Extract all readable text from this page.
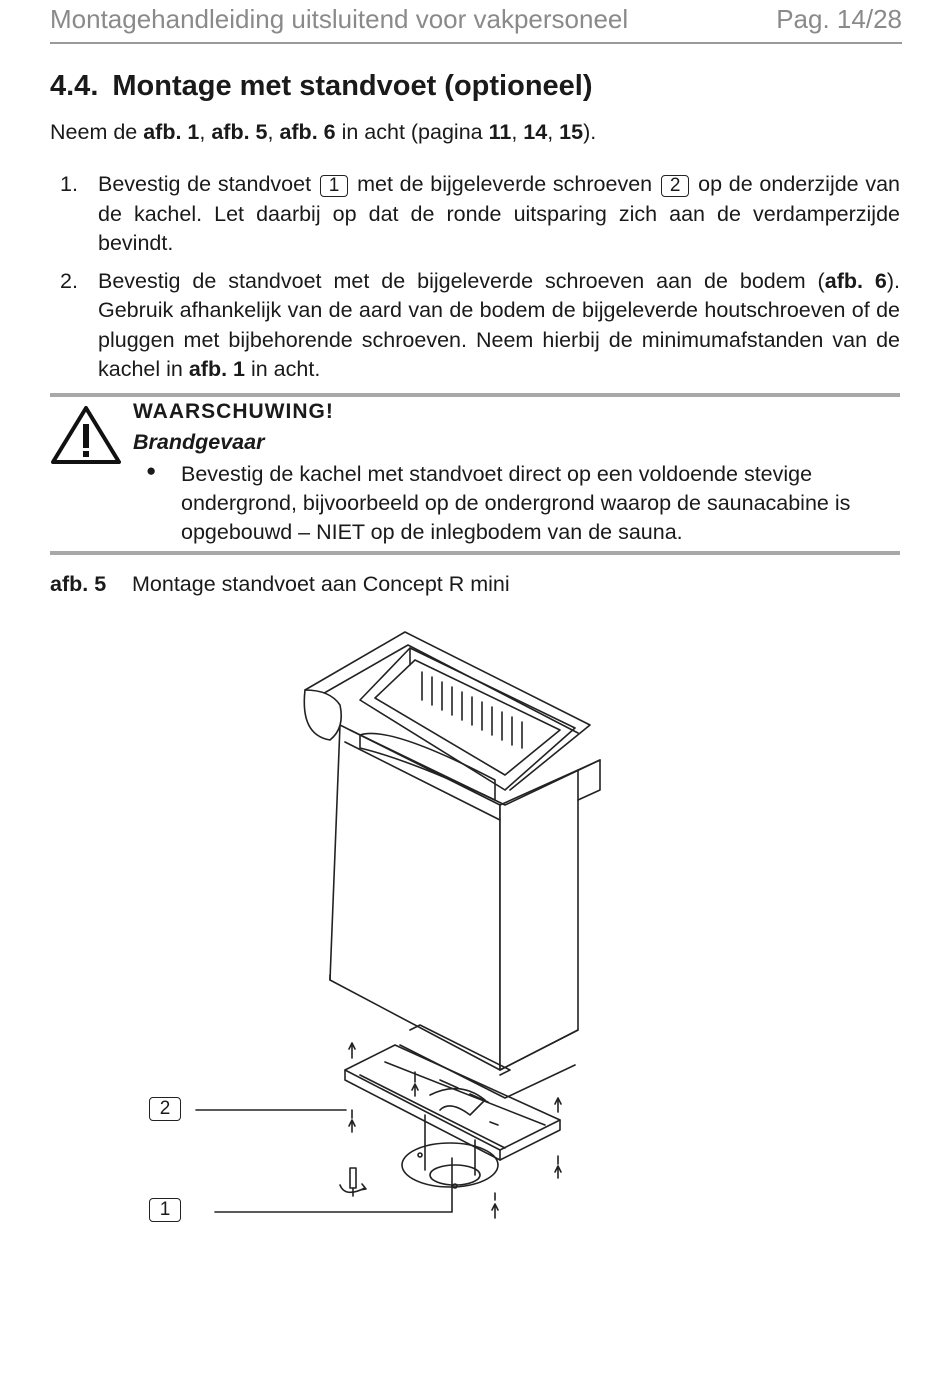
Montagehandleiding uitsluitend voor vakpersoneel	Pag. 14/28
4.4. Montage met standvoet (optioneel)
Neem de afb. 1, afb. 5, afb. 6 in acht (pagina 11, 14, 15).
1. Bevestig de standvoet 1 met de bijgeleverde schroeven 2 op de onderzijde van de kachel. Let daarbij op dat de ronde uitsparing zich aan de verdamperzijde bevindt.
2. Bevestig de standvoet met de bijgeleverde schroeven aan de bodem (afb. 6). Gebruik afhankelijk van de aard van de bodem de bijgeleverde houtschroeven of de pluggen met bijbehorende schroeven. Neem hierbij de minimumafstanden van de kachel in afb. 1 in acht.
WAARSCHUWING!
Brandgevaar
● Bevestig de kachel met standvoet direct op een voldoende stevige ondergrond, bijvoorbeeld op de ondergrond waarop de saunacabine is opgebouwd – NIET op de inlegbodem van de sauna.
afb. 5 Montage standvoet aan Concept R mini
2
1
